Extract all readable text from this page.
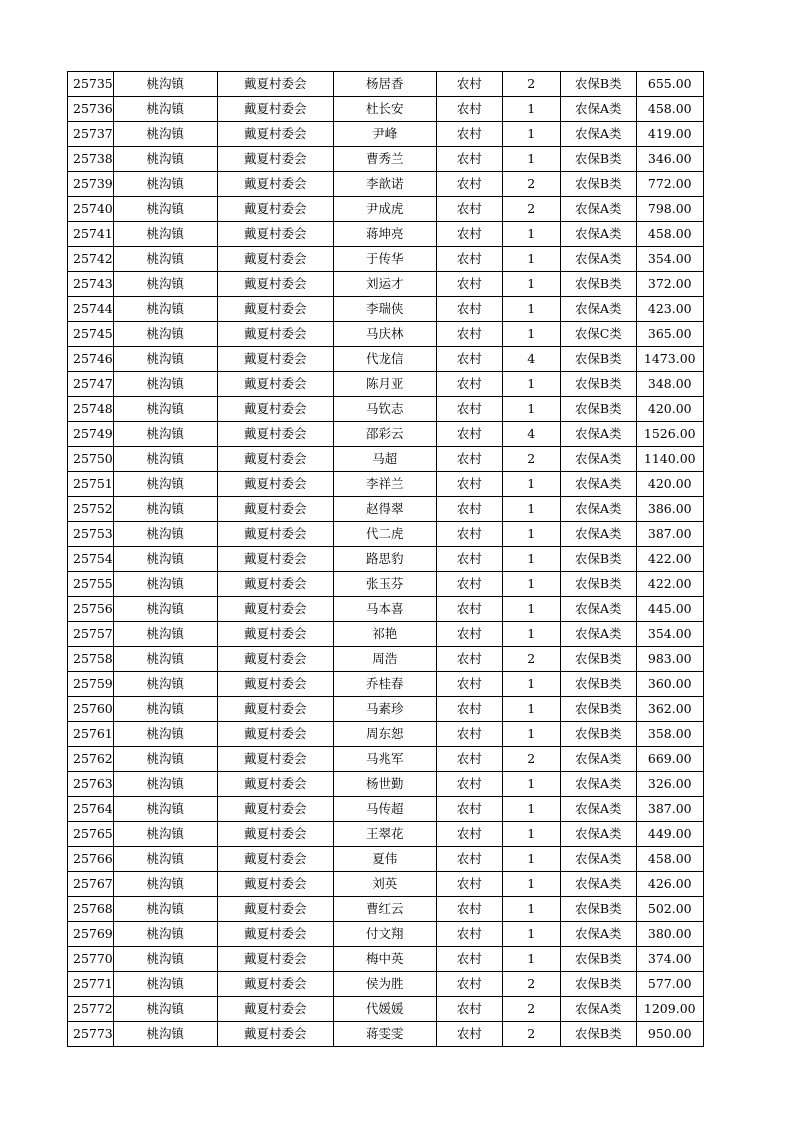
25735	桃沟镇	戴夏村委会	杨居香	农村	2	农保B类	655.00
25736	桃沟镇	戴夏村委会	杜长安	农村	1	农保A类	458.00
25737	桃沟镇	戴夏村委会	尹峰	农村	1	农保A类	419.00
25738	桃沟镇	戴夏村委会	曹秀兰	农村	1	农保B类	346.00
25739	桃沟镇	戴夏村委会	李歆诺	农村	2	农保B类	772.00
25740	桃沟镇	戴夏村委会	尹成虎	农村	2	农保A类	798.00
25741	桃沟镇	戴夏村委会	蒋坤亮	农村	1	农保A类	458.00
25742	桃沟镇	戴夏村委会	于传华	农村	1	农保A类	354.00
25743	桃沟镇	戴夏村委会	刘运才	农村	1	农保B类	372.00
25744	桃沟镇	戴夏村委会	李瑞侠	农村	1	农保A类	423.00
25745	桃沟镇	戴夏村委会	马庆林	农村	1	农保C类	365.00
25746	桃沟镇	戴夏村委会	代龙信	农村	4	农保B类	1473.00
25747	桃沟镇	戴夏村委会	陈月亚	农村	1	农保B类	348.00
25748	桃沟镇	戴夏村委会	马钦志	农村	1	农保B类	420.00
25749	桃沟镇	戴夏村委会	邵彩云	农村	4	农保A类	1526.00
25750	桃沟镇	戴夏村委会	马超	农村	2	农保A类	1140.00
25751	桃沟镇	戴夏村委会	李祥兰	农村	1	农保A类	420.00
25752	桃沟镇	戴夏村委会	赵得翠	农村	1	农保A类	386.00
25753	桃沟镇	戴夏村委会	代二虎	农村	1	农保A类	387.00
25754	桃沟镇	戴夏村委会	路思豹	农村	1	农保B类	422.00
25755	桃沟镇	戴夏村委会	张玉芬	农村	1	农保B类	422.00
25756	桃沟镇	戴夏村委会	马本喜	农村	1	农保A类	445.00
25757	桃沟镇	戴夏村委会	祁艳	农村	1	农保A类	354.00
25758	桃沟镇	戴夏村委会	周浩	农村	2	农保B类	983.00
25759	桃沟镇	戴夏村委会	乔桂春	农村	1	农保B类	360.00
25760	桃沟镇	戴夏村委会	马素珍	农村	1	农保B类	362.00
25761	桃沟镇	戴夏村委会	周东恕	农村	1	农保B类	358.00
25762	桃沟镇	戴夏村委会	马兆军	农村	2	农保A类	669.00
25763	桃沟镇	戴夏村委会	杨世勤	农村	1	农保A类	326.00
25764	桃沟镇	戴夏村委会	马传超	农村	1	农保A类	387.00
25765	桃沟镇	戴夏村委会	王翠花	农村	1	农保A类	449.00
25766	桃沟镇	戴夏村委会	夏伟	农村	1	农保A类	458.00
25767	桃沟镇	戴夏村委会	刘英	农村	1	农保A类	426.00
25768	桃沟镇	戴夏村委会	曹红云	农村	1	农保B类	502.00
25769	桃沟镇	戴夏村委会	付文翔	农村	1	农保A类	380.00
25770	桃沟镇	戴夏村委会	梅中英	农村	1	农保B类	374.00
25771	桃沟镇	戴夏村委会	侯为胜	农村	2	农保B类	577.00
25772	桃沟镇	戴夏村委会	代媛媛	农村	2	农保A类	1209.00
25773	桃沟镇	戴夏村委会	蒋雯雯	农村	2	农保B类	950.00
